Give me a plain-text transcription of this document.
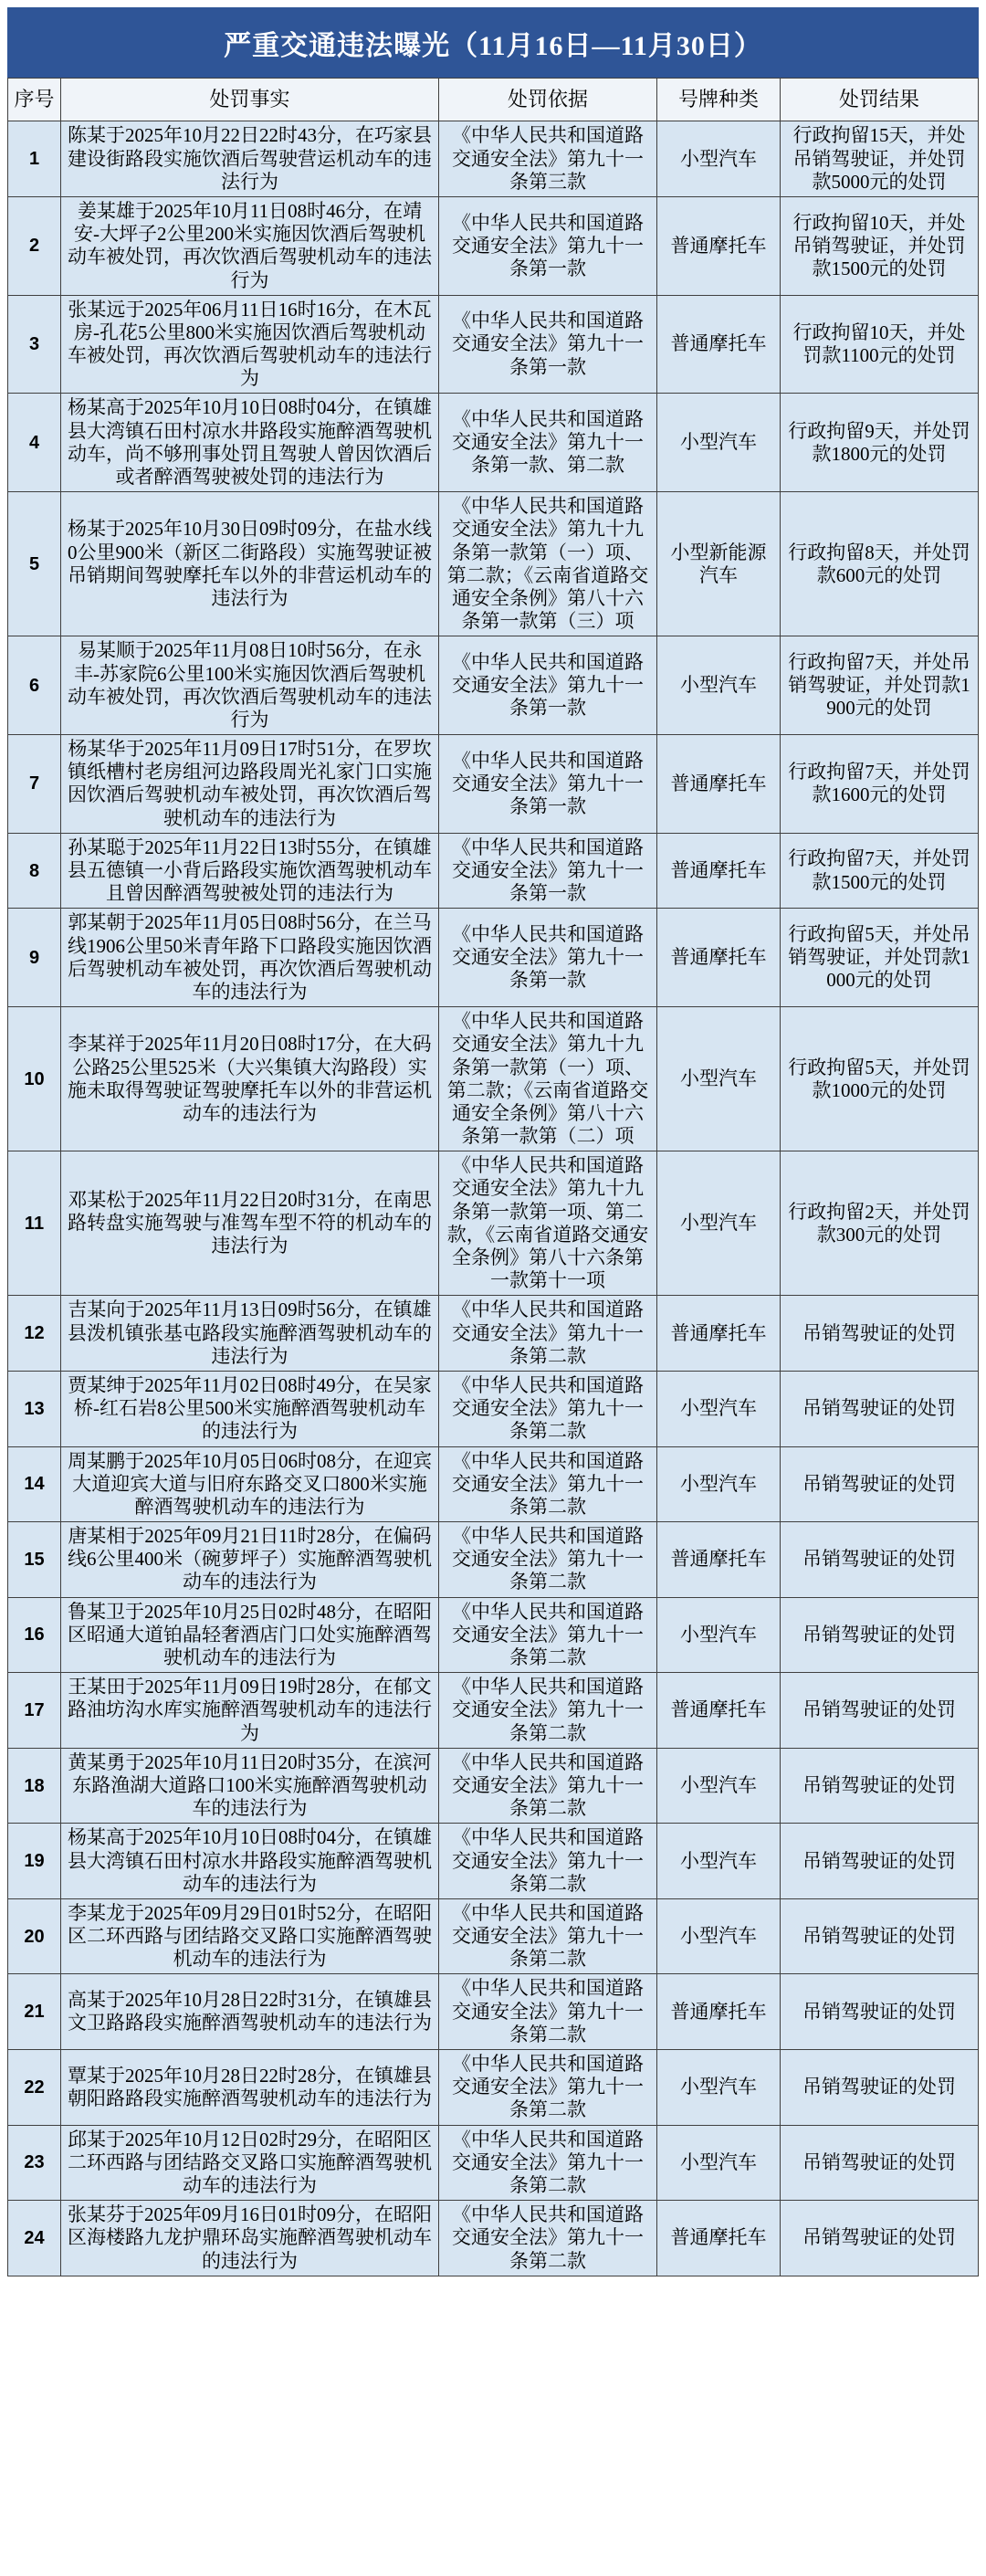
严重交通违法曝光（11月16日—11月30日）
序号	处罚事实	处罚依据	号牌种类	处罚结果
1	陈某于2025年10月22日22时43分，在巧家县建设街路段实施饮酒后驾驶营运机动车的违法行为	《中华人民共和国道路交通安全法》第九十一条第三款	小型汽车	行政拘留15天，并处吊销驾驶证，并处罚款5000元的处罚
2	姜某雄于2025年10月11日08时46分，在靖安-大坪子2公里200米实施因饮酒后驾驶机动车被处罚，再次饮酒后驾驶机动车的违法行为	《中华人民共和国道路交通安全法》第九十一条第一款	普通摩托车	行政拘留10天，并处吊销驾驶证，并处罚款1500元的处罚
3	张某远于2025年06月11日16时16分，在木瓦房-孔花5公里800米实施因饮酒后驾驶机动车被处罚，再次饮酒后驾驶机动车的违法行为	《中华人民共和国道路交通安全法》第九十一条第一款	普通摩托车	行政拘留10天，并处罚款1100元的处罚
4	杨某高于2025年10月10日08时04分，在镇雄县大湾镇石田村凉水井路段实施醉酒驾驶机动车，尚不够刑事处罚且驾驶人曾因饮酒后或者醉酒驾驶被处罚的违法行为	《中华人民共和国道路交通安全法》第九十一条第一款、第二款	小型汽车	行政拘留9天，并处罚款1800元的处罚
5	杨某于2025年10月30日09时09分，在盐水线0公里900米（新区二街路段）实施驾驶证被吊销期间驾驶摩托车以外的非营运机动车的违法行为	《中华人民共和国道路交通安全法》第九十九条第一款第（一）项、第二款；《云南省道路交通安全条例》第八十六条第一款第（三）项	小型新能源汽车	行政拘留8天，并处罚款600元的处罚
6	易某顺于2025年11月08日10时56分，在永丰-苏家院6公里100米实施因饮酒后驾驶机动车被处罚，再次饮酒后驾驶机动车的违法行为	《中华人民共和国道路交通安全法》第九十一条第一款	小型汽车	行政拘留7天，并处吊销驾驶证，并处罚款1900元的处罚
7	杨某华于2025年11月09日17时51分，在罗坎镇纸槽村老房组河边路段周光礼家门口实施因饮酒后驾驶机动车被处罚，再次饮酒后驾驶机动车的违法行为	《中华人民共和国道路交通安全法》第九十一条第一款	普通摩托车	行政拘留7天，并处罚款1600元的处罚
8	孙某聪于2025年11月22日13时55分，在镇雄县五德镇一小背后路段实施饮酒驾驶机动车且曾因醉酒驾驶被处罚的违法行为	《中华人民共和国道路交通安全法》第九十一条第一款	普通摩托车	行政拘留7天，并处罚款1500元的处罚
9	郭某朝于2025年11月05日08时56分，在兰马线1906公里50米青年路下口路段实施因饮酒后驾驶机动车被处罚，再次饮酒后驾驶机动车的违法行为	《中华人民共和国道路交通安全法》第九十一条第一款	普通摩托车	行政拘留5天，并处吊销驾驶证，并处罚款1000元的处罚
10	李某祥于2025年11月20日08时17分，在大码公路25公里525米（大兴集镇大沟路段）实施未取得驾驶证驾驶摩托车以外的非营运机动车的违法行为	《中华人民共和国道路交通安全法》第九十九条第一款第（一）项、第二款；《云南省道路交通安全条例》第八十六条第一款第（二）项	小型汽车	行政拘留5天，并处罚款1000元的处罚
11	邓某松于2025年11月22日20时31分，在南思路转盘实施驾驶与准驾车型不符的机动车的违法行为	《中华人民共和国道路交通安全法》第九十九条第一款第一项、第二款，《云南省道路交通安全条例》第八十六条第一款第十一项	小型汽车	行政拘留2天，并处罚款300元的处罚
12	吉某向于2025年11月13日09时56分，在镇雄县泼机镇张基屯路段实施醉酒驾驶机动车的违法行为	《中华人民共和国道路交通安全法》第九十一条第二款	普通摩托车	吊销驾驶证的处罚
13	贾某绅于2025年11月02日08时49分，在吴家桥-红石岩8公里500米实施醉酒驾驶机动车的违法行为	《中华人民共和国道路交通安全法》第九十一条第二款	小型汽车	吊销驾驶证的处罚
14	周某鹏于2025年10月05日06时08分，在迎宾大道迎宾大道与旧府东路交叉口800米实施醉酒驾驶机动车的违法行为	《中华人民共和国道路交通安全法》第九十一条第二款	小型汽车	吊销驾驶证的处罚
15	唐某相于2025年09月21日11时28分，在偏码线6公里400米（碗萝坪子）实施醉酒驾驶机动车的违法行为	《中华人民共和国道路交通安全法》第九十一条第二款	普通摩托车	吊销驾驶证的处罚
16	鲁某卫于2025年10月25日02时48分，在昭阳区昭通大道铂晶轻奢酒店门口处实施醉酒驾驶机动车的违法行为	《中华人民共和国道路交通安全法》第九十一条第二款	小型汽车	吊销驾驶证的处罚
17	王某田于2025年11月09日19时28分，在郁文路油坊沟水库实施醉酒驾驶机动车的违法行为	《中华人民共和国道路交通安全法》第九十一条第二款	普通摩托车	吊销驾驶证的处罚
18	黄某勇于2025年10月11日20时35分，在滨河东路渔湖大道路口100米实施醉酒驾驶机动车的违法行为	《中华人民共和国道路交通安全法》第九十一条第二款	小型汽车	吊销驾驶证的处罚
19	杨某高于2025年10月10日08时04分，在镇雄县大湾镇石田村凉水井路段实施醉酒驾驶机动车的违法行为	《中华人民共和国道路交通安全法》第九十一条第二款	小型汽车	吊销驾驶证的处罚
20	李某龙于2025年09月29日01时52分，在昭阳区二环西路与团结路交叉路口实施醉酒驾驶机动车的违法行为	《中华人民共和国道路交通安全法》第九十一条第二款	小型汽车	吊销驾驶证的处罚
21	高某于2025年10月28日22时31分，在镇雄县文卫路路段实施醉酒驾驶机动车的违法行为	《中华人民共和国道路交通安全法》第九十一条第二款	普通摩托车	吊销驾驶证的处罚
22	覃某于2025年10月28日22时28分，在镇雄县朝阳路路段实施醉酒驾驶机动车的违法行为	《中华人民共和国道路交通安全法》第九十一条第二款	小型汽车	吊销驾驶证的处罚
23	邱某于2025年10月12日02时29分，在昭阳区二环西路与团结路交叉路口实施醉酒驾驶机动车的违法行为	《中华人民共和国道路交通安全法》第九十一条第二款	小型汽车	吊销驾驶证的处罚
24	张某芬于2025年09月16日01时09分，在昭阳区海楼路九龙护鼎环岛实施醉酒驾驶机动车的违法行为	《中华人民共和国道路交通安全法》第九十一条第二款	普通摩托车	吊销驾驶证的处罚
